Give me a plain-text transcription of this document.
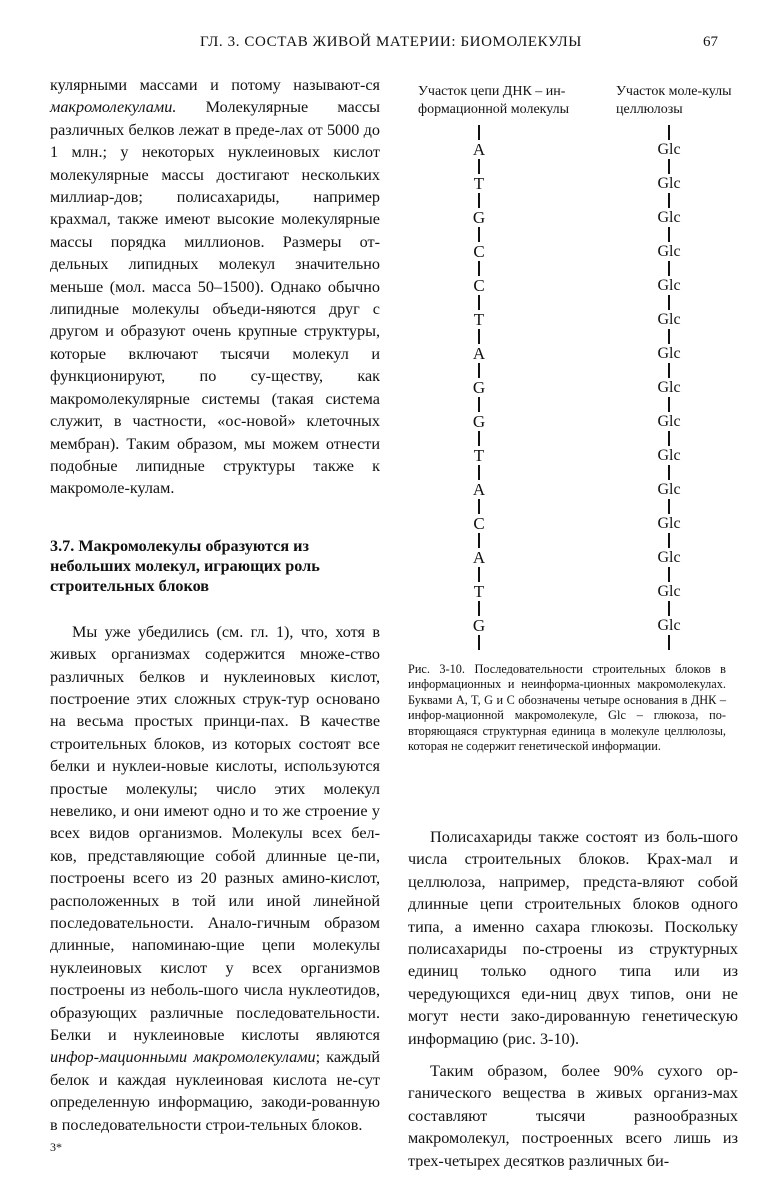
ГЛ. 3. СОСТАВ ЖИВОЙ МАТЕРИИ: БИОМОЛЕКУЛЫ	67

кулярными массами и потому называют-ся макромолекулами. Молекулярные массы различных белков лежат в преде-лах от 5000 до 1 млн.; у некоторых нуклеиновых кислот молекулярные массы достигают нескольких миллиар-дов; полисахариды, например крахмал, также имеют высокие молекулярные массы порядка миллионов. Размеры от-дельных липидных молекул значительно меньше (мол. масса 50–1500). Однако обычно липидные молекулы объеди-няются друг с другом и образуют очень крупные структуры, которые включают тысячи молекул и функционируют, по су-ществу, как макромолекулярные системы (такая система служит, в частности, «ос-новой» клеточных мембран). Таким образом, мы можем отнести подобные липидные структуры также к макромоле-кулам.

3.7. Макромолекулы образуются из небольших молекул, играющих роль строительных блоков

Мы уже убедились (см. гл. 1), что, хотя в живых организмах содержится множе-ство различных белков и нуклеиновых кислот, построение этих сложных струк-тур основано на весьма простых принци-пах. В качестве строительных блоков, из которых состоят все белки и нуклеи-новые кислоты, используются простые молекулы; число этих молекул невелико, и они имеют одно и то же строение у всех видов организмов. Молекулы всех бел-ков, представляющие собой длинные це-пи, построены всего из 20 разных амино-кислот, расположенных в той или иной линейной последовательности. Анало-гичным образом длинные, напоминаю-щие цепи молекулы нуклеиновых кислот у всех организмов построены из неболь-шого числа нуклеотидов, образующих различные последовательности. Белки и нуклеиновые кислоты являются инфор-мационными макромолекулами; каждый белок и каждая нуклеиновая кислота не-сут определенную информацию, закоди-рованную в последовательности строи-тельных блоков.

Участок цепи ДНК – ин-формационной молекулы
Участок моле-кулы целлюлозы
A
T
G
C
C
T
A
G
G
T
A
C
A
T
G
Glc
Glc
Glc
Glc
Glc
Glc
Glc
Glc
Glc
Glc
Glc
Glc
Glc
Glc
Glc
Рис. 3-10. Последовательности строительных блоков в информационных и неинформа-ционных макромолекулах. Буквами A, T, G и C обозначены четыре основания в ДНК – инфор-мационной макромолекуле, Glc – глюкоза, по-вторяющаяся структурная единица в молекуле целлюлозы, которая не содержит генетической информации.

Полисахариды также состоят из боль-шого числа строительных блоков. Крах-мал и целлюлоза, например, предста-вляют собой длинные цепи строительных блоков одного типа, а именно сахара глюкозы. Поскольку полисахариды по-строены из структурных единиц только одного типа или из чередующихся еди-ниц двух типов, они не могут нести зако-дированную генетическую информацию (рис. 3-10).

Таким образом, более 90% сухого ор-ганического вещества в живых организ-мах составляют тысячи разнообразных макромолекул, построенных всего лишь из трех-четырех десятков различных би-

3*
